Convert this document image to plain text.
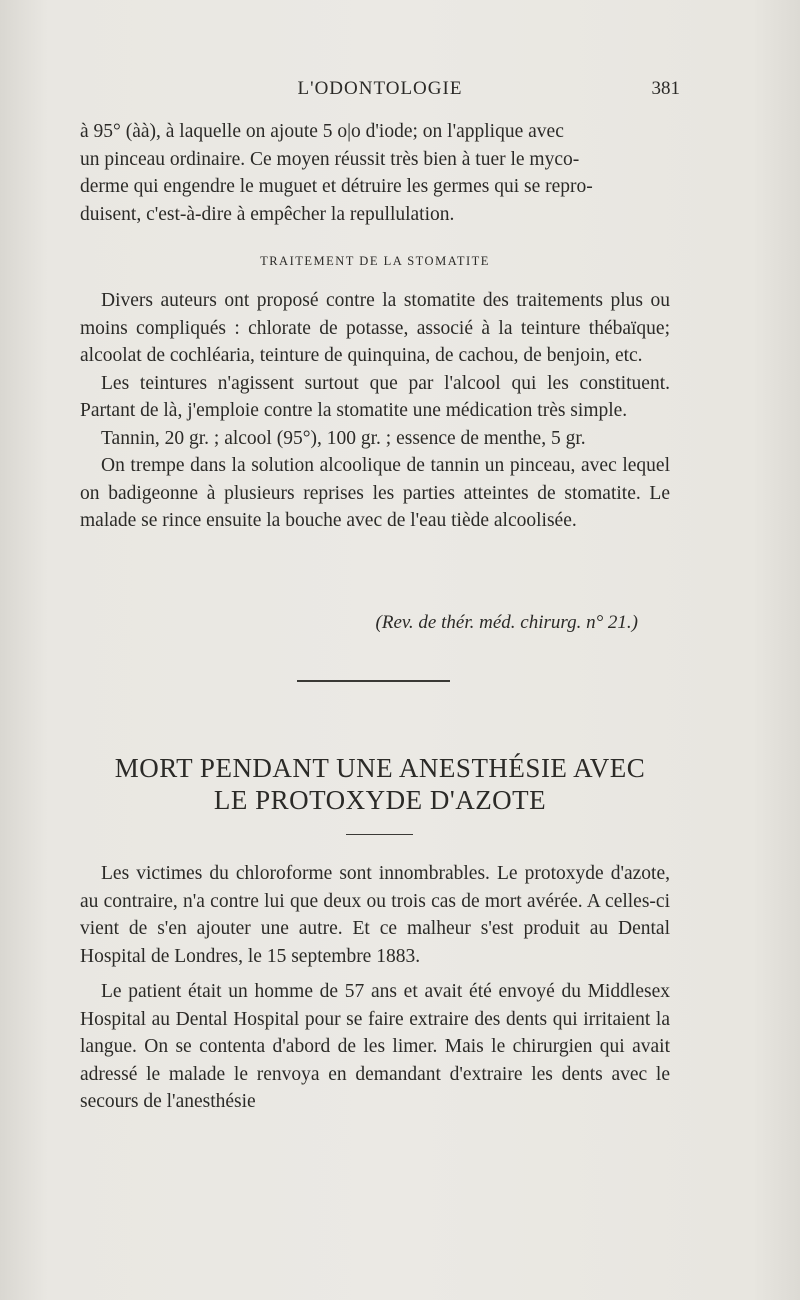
L'ODONTOLOGIE	381
à 95° (àà), à laquelle on ajoute 5 o|o d'iode; on l'applique avec
un pinceau ordinaire. Ce moyen réussit très bien à tuer le myco-
derme qui engendre le muguet et détruire les germes qui se repro-
duisent, c'est-à-dire à empêcher la repullulation.
TRAITEMENT DE LA STOMATITE

Divers auteurs ont proposé contre la stomatite des traitements plus ou moins compliqués : chlorate de potasse, associé à la teinture thébaïque; alcoolat de cochléaria, teinture de quinquina, de cachou, de benjoin, etc.

Les teintures n'agissent surtout que par l'alcool qui les constituent. Partant de là, j'emploie contre la stomatite une médication très simple.

Tannin, 20 gr. ; alcool (95°), 100 gr. ; essence de menthe, 5 gr.

On trempe dans la solution alcoolique de tannin un pinceau, avec lequel on badigeonne à plusieurs reprises les parties atteintes de stomatite. Le malade se rince ensuite la bouche avec de l'eau tiède alcoolisée.

(Rev. de thér. méd. chirurg. n° 21.)
MORT PENDANT UNE ANESTHÉSIE AVEC
LE PROTOXYDE D'AZOTE

Les victimes du chloroforme sont innombrables. Le protoxyde d'azote, au contraire, n'a contre lui que deux ou trois cas de mort avérée. A celles-ci vient de s'en ajouter une autre. Et ce malheur s'est produit au Dental Hospital de Londres, le 15 septembre 1883.

Le patient était un homme de 57 ans et avait été envoyé du Middlesex Hospital au Dental Hospital pour se faire extraire des dents qui irritaient la langue. On se contenta d'abord de les limer. Mais le chirurgien qui avait adressé le malade le renvoya en demandant d'extraire les dents avec le secours de l'anesthésie
